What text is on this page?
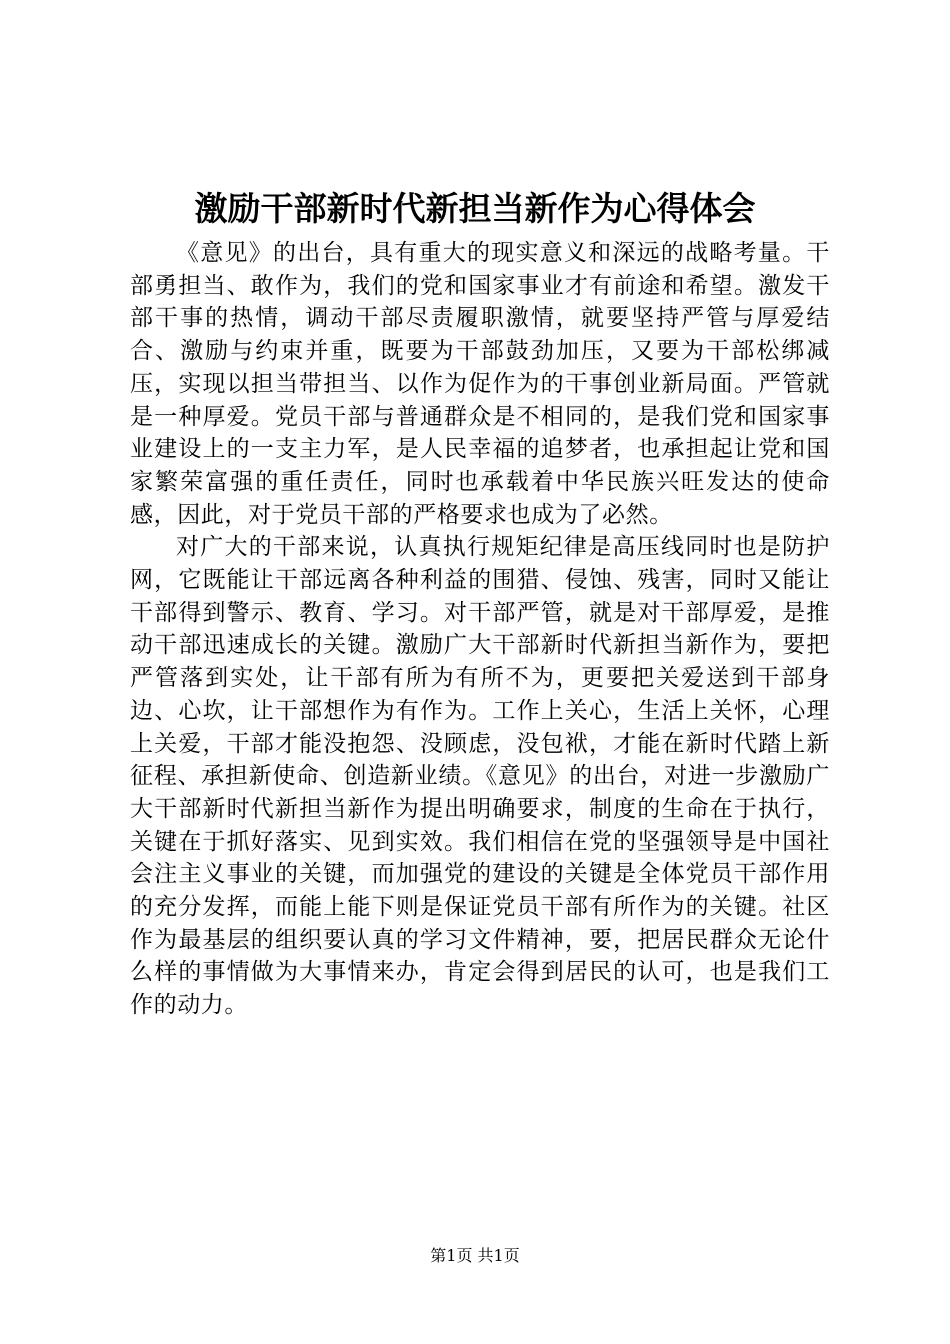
激励干部新时代新担当新作为心得体会

《意见》的出台，具有重大的现实意义和深远的战略考量。干部勇担当、敢作为，我们的党和国家事业才有前途和希望。激发干部干事的热情，调动干部尽责履职激情，就要坚持严管与厚爱结合、激励与约束并重，既要为干部鼓劲加压，又要为干部松绑减压，实现以担当带担当、以作为促作为的干事创业新局面。严管就是一种厚爱。党员干部与普通群众是不相同的，是我们党和国家事业建设上的一支主力军，是人民幸福的追梦者，也承担起让党和国家繁荣富强的重任责任，同时也承载着中华民族兴旺发达的使命感，因此，对于党员干部的严格要求也成为了必然。

对广大的干部来说，认真执行规矩纪律是高压线同时也是防护网，它既能让干部远离各种利益的围猎、侵蚀、残害，同时又能让干部得到警示、教育、学习。对干部严管，就是对干部厚爱，是推动干部迅速成长的关键。激励广大干部新时代新担当新作为，要把严管落到实处，让干部有所为有所不为，更要把关爱送到干部身边、心坎，让干部想作为有作为。工作上关心，生活上关怀，心理上关爱，干部才能没抱怨、没顾虑，没包袱，才能在新时代踏上新征程、承担新使命、创造新业绩。《意见》的出台，对进一步激励广大干部新时代新担当新作为提出明确要求，制度的生命在于执行，关键在于抓好落实、见到实效。我们相信在党的坚强领导是中国社会注主义事业的关键，而加强党的建设的关键是全体党员干部作用的充分发挥，而能上能下则是保证党员干部有所作为的关键。社区作为最基层的组织要认真的学习文件精神，要，把居民群众无论什么样的事情做为大事情来办，肯定会得到居民的认可，也是我们工作的动力。

第1页 共1页
